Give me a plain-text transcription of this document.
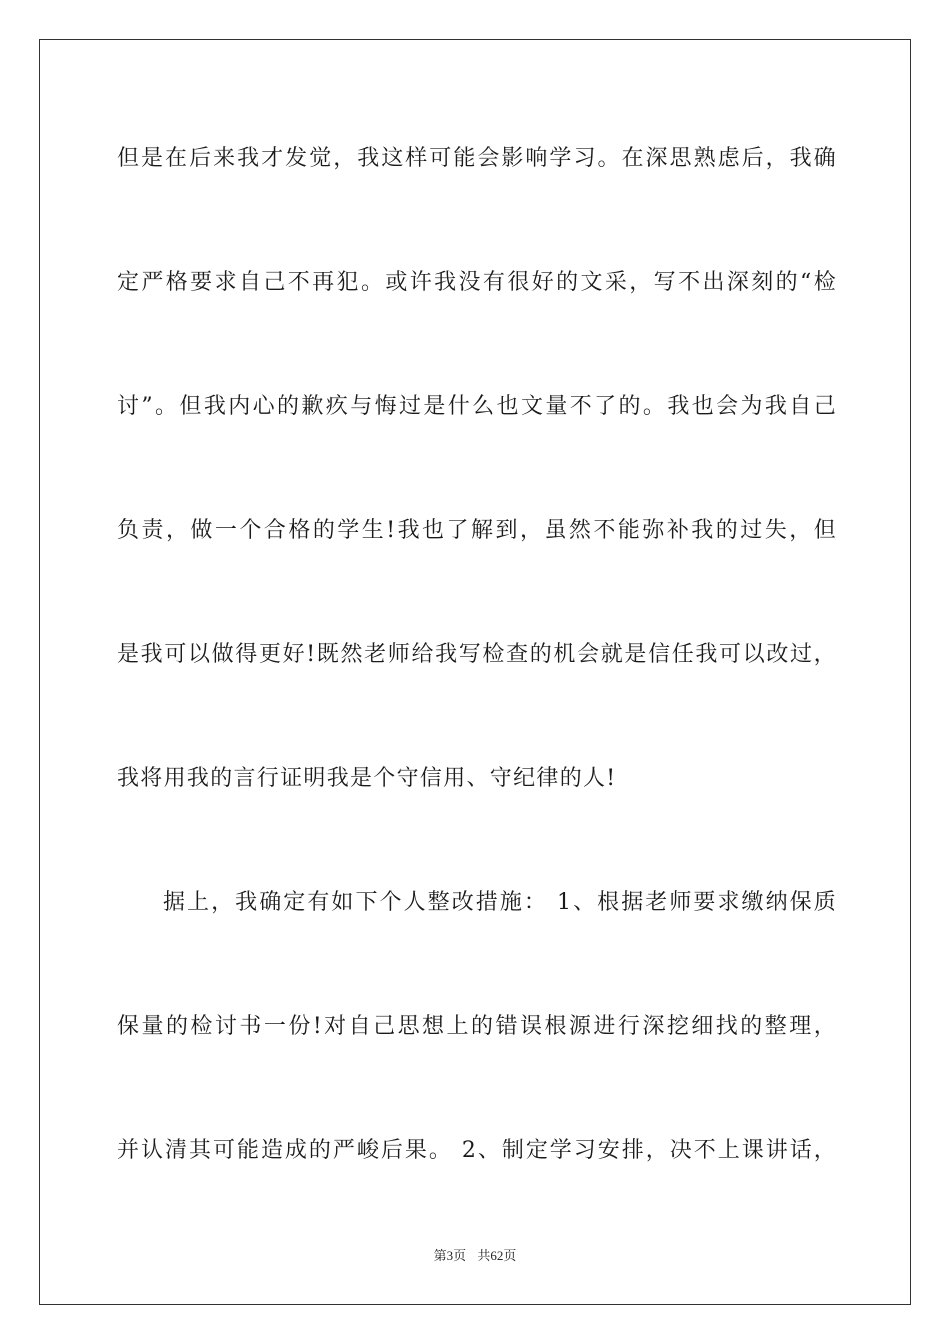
但是在后来我才发觉，我这样可能会影响学习。在深思熟虑后，我确
定严格要求自己不再犯。或许我没有很好的文采，写不出深刻的“检
讨”。但我内心的歉疚与悔过是什么也文量不了的。我也会为我自己
负责，做一个合格的学生!我也了解到，虽然不能弥补我的过失，但
是我可以做得更好!既然老师给我写检查的机会就是信任我可以改过，
我将用我的言行证明我是个守信用、守纪律的人!
据上，我确定有如下个人整改措施： 1、根据老师要求缴纳保质
保量的检讨书一份!对自己思想上的错误根源进行深挖细找的整理，
并认清其可能造成的严峻后果。 2、制定学习安排，决不上课讲话，
第3页 共62页
